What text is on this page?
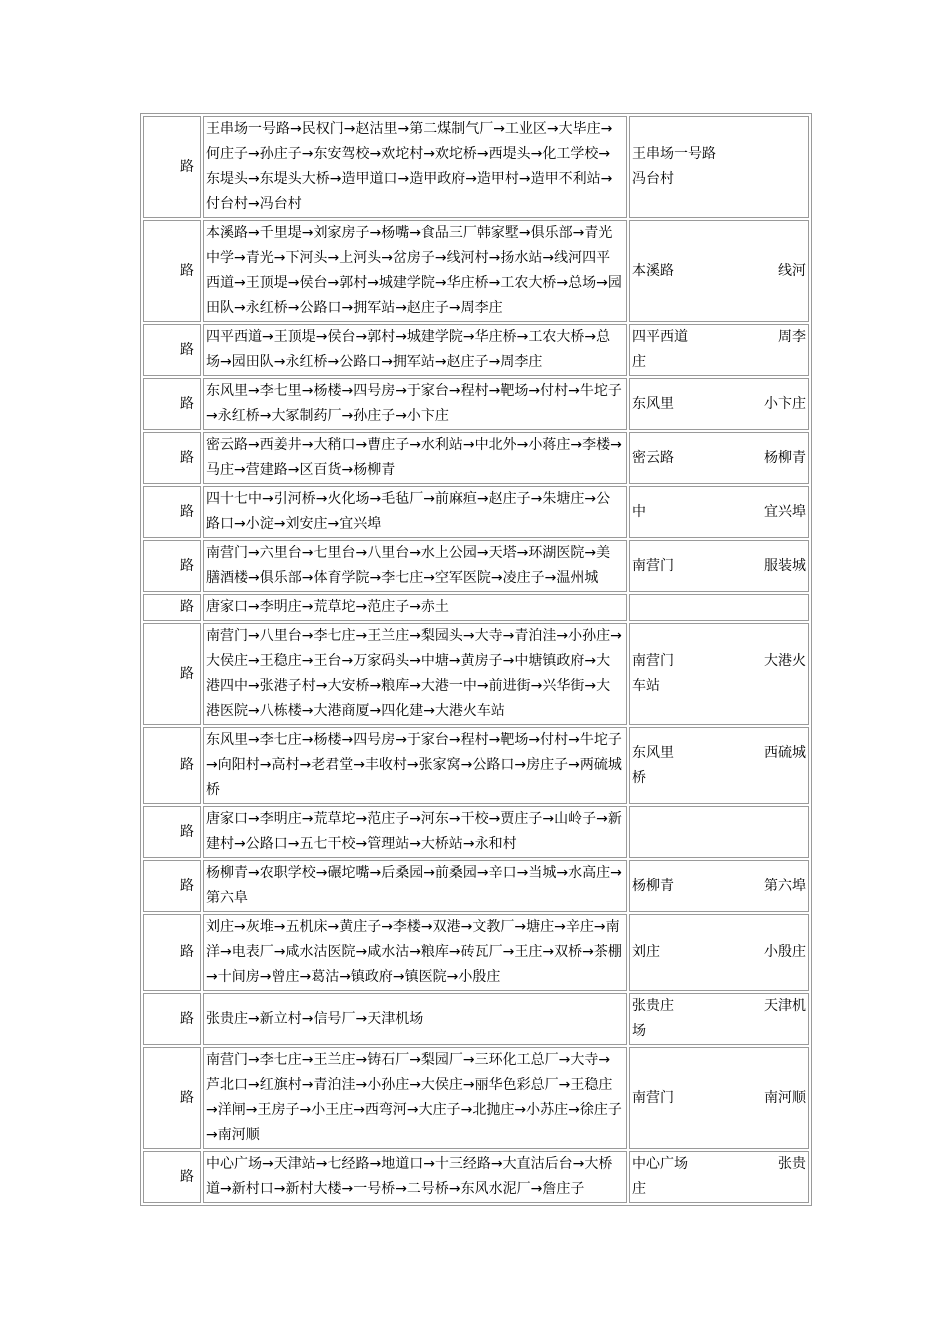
路	王串场一号路→民权门→赵沽里→第二煤制气厂→工业区→大毕庄→何庄子→孙庄子→东安驾校→欢坨村→欢坨桥→西堤头→化工学校→东堤头→东堤头大桥→造甲道口→造甲政府→造甲村→造甲不利站→付台村→冯台村	王串场一号路
冯台村

路	本溪路→千里堤→刘家房子→杨嘴→食品三厂韩家墅→俱乐部→青光中学→青光→下河头→上河头→岔房子→线河村→扬水站→线河四平西道→王顶堤→侯台→郭村→城建学院→华庄桥→工农大桥→总场→园田队→永红桥→公路口→拥军站→赵庄子→周李庄	本溪路 线河

路	四平西道→王顶堤→侯台→郭村→城建学院→华庄桥→工农大桥→总场→园田队→永红桥→公路口→拥军站→赵庄子→周李庄	四平西道 周李
庄

路	东风里→李七里→杨楼→四号房→于家台→程村→靶场→付村→牛坨子→永红桥→大冢制药厂→孙庄子→小卞庄	东风里 小卞庄

路	密云路→西姜井→大稍口→曹庄子→水利站→中北外→小蒋庄→李楼→马庄→营建路→区百货→杨柳青	密云路 杨柳青

路	四十七中→引河桥→火化场→毛毡厂→前麻疸→赵庄子→朱塘庄→公路口→小淀→刘安庄→宜兴埠	中 宜兴埠

路	南营门→六里台→七里台→八里台→水上公园→天塔→环湖医院→美膳酒楼→俱乐部→体育学院→李七庄→空军医院→凌庄子→温州城	南营门 服装城

路	唐家口→李明庄→荒草坨→范庄子→赤土	

路	南营门→八里台→李七庄→王兰庄→梨园头→大寺→青泊洼→小孙庄→大侯庄→王稳庄→王台→万家码头→中塘→黄房子→中塘镇政府→大港四中→张港子村→大安桥→粮库→大港一中→前进街→兴华街→大港医院→八栋楼→大港商厦→四化建→大港火车站	南营门 大港火
车站

路	东风里→李七庄→杨楼→四号房→于家台→程村→靶场→付村→牛坨子→向阳村→高村→老君堂→丰收村→张家窝→公路口→房庄子→两硫城桥	东风里 西硫城
桥

路	唐家口→李明庄→荒草坨→范庄子→河东→干校→贾庄子→山岭子→新建村→公路口→五七干校→管理站→大桥站→永和村	

路	杨柳青→农职学校→碾坨嘴→后桑园→前桑园→辛口→当城→水高庄→第六阜	杨柳青 第六埠

路	刘庄→灰堆→五机床→黄庄子→李楼→双港→文教厂→塘庄→辛庄→南洋→电表厂→咸水沽医院→咸水沽→粮库→砖瓦厂→王庄→双桥→茶棚→十间房→曾庄→葛沽→镇政府→镇医院→小殷庄	刘庄 小殷庄

路	张贵庄→新立村→信号厂→天津机场	张贵庄 天津机
场

路	南营门→李七庄→王兰庄→铸石厂→梨园厂→三环化工总厂→大寺→芦北口→红旗村→青泊洼→小孙庄→大侯庄→丽华色彩总厂→王稳庄→洋闸→王房子→小王庄→西弯河→大庄子→北抛庄→小苏庄→徐庄子→南河顺	南营门 南河顺

路	中心广场→天津站→七经路→地道口→十三经路→大直沽后台→大桥道→新村口→新村大楼→一号桥→二号桥→东风水泥厂→詹庄子	中心广场 张贵
庄
